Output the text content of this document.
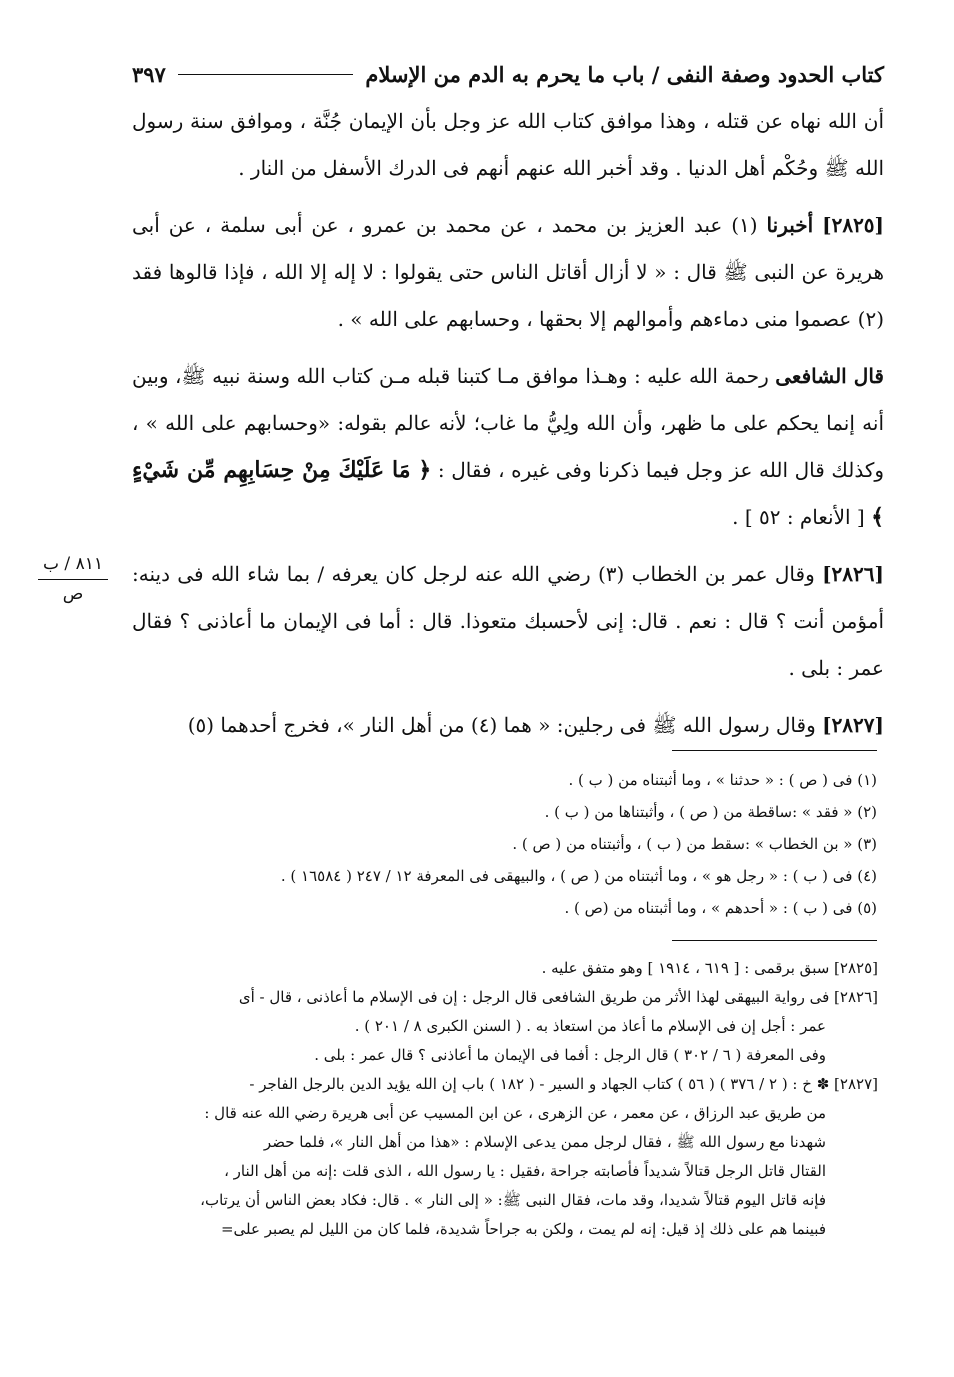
كتاب الحدود وصفة النفى / باب ما يحرم به الدم من الإسلام
٣٩٧

أن الله نهاه عن قتله ، وهذا موافق كتاب الله عز وجل بأن الإيمان جُنَّة ، وموافق سنة رسول الله ﷺ وحُكْم أهل الدنيا . وقد أخبر الله عنهم أنهم فى الدرك الأسفل من النار .

[٢٨٢٥] أخبرنا (١) عبد العزيز بن محمد ، عن محمد بن عمرو ، عن أبى سلمة ، عن أبى هريرة عن النبى ﷺ قال : « لا أزال أقاتل الناس حتى يقولوا : لا إله إلا الله ، فإذا قالوها فقد (٢) عصموا منى دماءهم وأموالهم إلا بحقها ، وحسابهم على الله » .

قال الشافعى رحمة الله عليه : وهـذا موافق مـا كتبنا قبله مـن كتاب الله وسنة نبيه ﷺ، وبين أنه إنما يحكم على ما ظهر، وأن الله ولِيُّ ما غاب؛ لأنه عالم بقوله: «وحسابهم على الله » ، وكذلك قال الله عز وجل فيما ذكرنا وفى غيره ، فقال : ﴿ مَا عَلَيْكَ مِنْ حِسَابِهِم مِّن شَيْءٍ ﴾ [ الأنعام : ٥٢ ] .

[٢٨٢٦] وقال عمر بن الخطاب (٣) رضي الله عنه لرجل كان يعرفه / بما شاء الله فى دينه: أمؤمن أنت ؟ قال : نعم . قال: إنى لأحسبك متعوذا. قال : أما فى الإيمان ما أعاذنى ؟ فقال عمر : بلى .

[٢٨٢٧] وقال رسول الله ﷺ فى رجلين: « هما (٤) من أهل النار »، فخرج أحدهما (٥)

٨١١ / ب
ص
(١) فى ( ص ) : « حدثنا » ، وما أثبتناه من ( ب ) .
(٢) « فقد » :ساقطة من ( ص ) ، وأثبتناها من ( ب ) .
(٣) « بن الخطاب » :سقط من ( ب ) ، وأثبتناه من ( ص ) .
(٤) فى ( ب ) : « رجل هو » ، وما أثبتناه من ( ص ) ، والبيهقى فى المعرفة ١٢ / ٢٤٧ ( ١٦٥٨٤ ) .
(٥) فى ( ب ) : « أحدهم » ، وما أثبتناه من (ص ) .
[٢٨٢٥] سبق برقمى : [ ٦١٩ ، ١٩١٤ ] وهو متفق عليه .
[٢٨٢٦] فى رواية البيهقى لهذا الأثر من طريق الشافعى قال الرجل : إن فى الإسلام ما أعاذنى ، قال - أى
عمر : أجل إن فى الإسلام ما أعاذ من استعاذ به . ( السنن الكبرى ٨ / ٢٠١ ) .
وفى المعرفة ( ٦ / ٣٠٢ ) قال الرجل : أفما فى الإيمان ما أعاذنى ؟ قال عمر : بلى .
[٢٨٢٧] ✽ خ : ( ٢ / ٣٧٦ ) ( ٥٦ ) كتاب الجهاد و السير - ( ١٨٢ ) باب إن الله يؤيد الدين بالرجل الفاجر -
من طريق عبد الرزاق ، عن معمر ، عن الزهرى ، عن ابن المسيب عن أبى هريرة رضي الله عنه قال :
شهدنا مع رسول الله ﷺ ، فقال لرجل ممن يدعى الإسلام : «هذا من أهل النار »، فلما حضر
القتال قاتل الرجل قتالاً شديداً فأصابته جراحة ،فقيل : يا رسول الله ، الذى قلت :إنه من أهل النار ،
فإنه قاتل اليوم قتالاً شديدا، وقد مات، فقال النبى ﷺ: « إلى النار » . قال: فكاد بعض الناس أن يرتاب،
فبينما هم على ذلك إذ قيل: إنه لم يمت ، ولكن به جراحاً شديدة، فلما كان من الليل لم يصبر على=
